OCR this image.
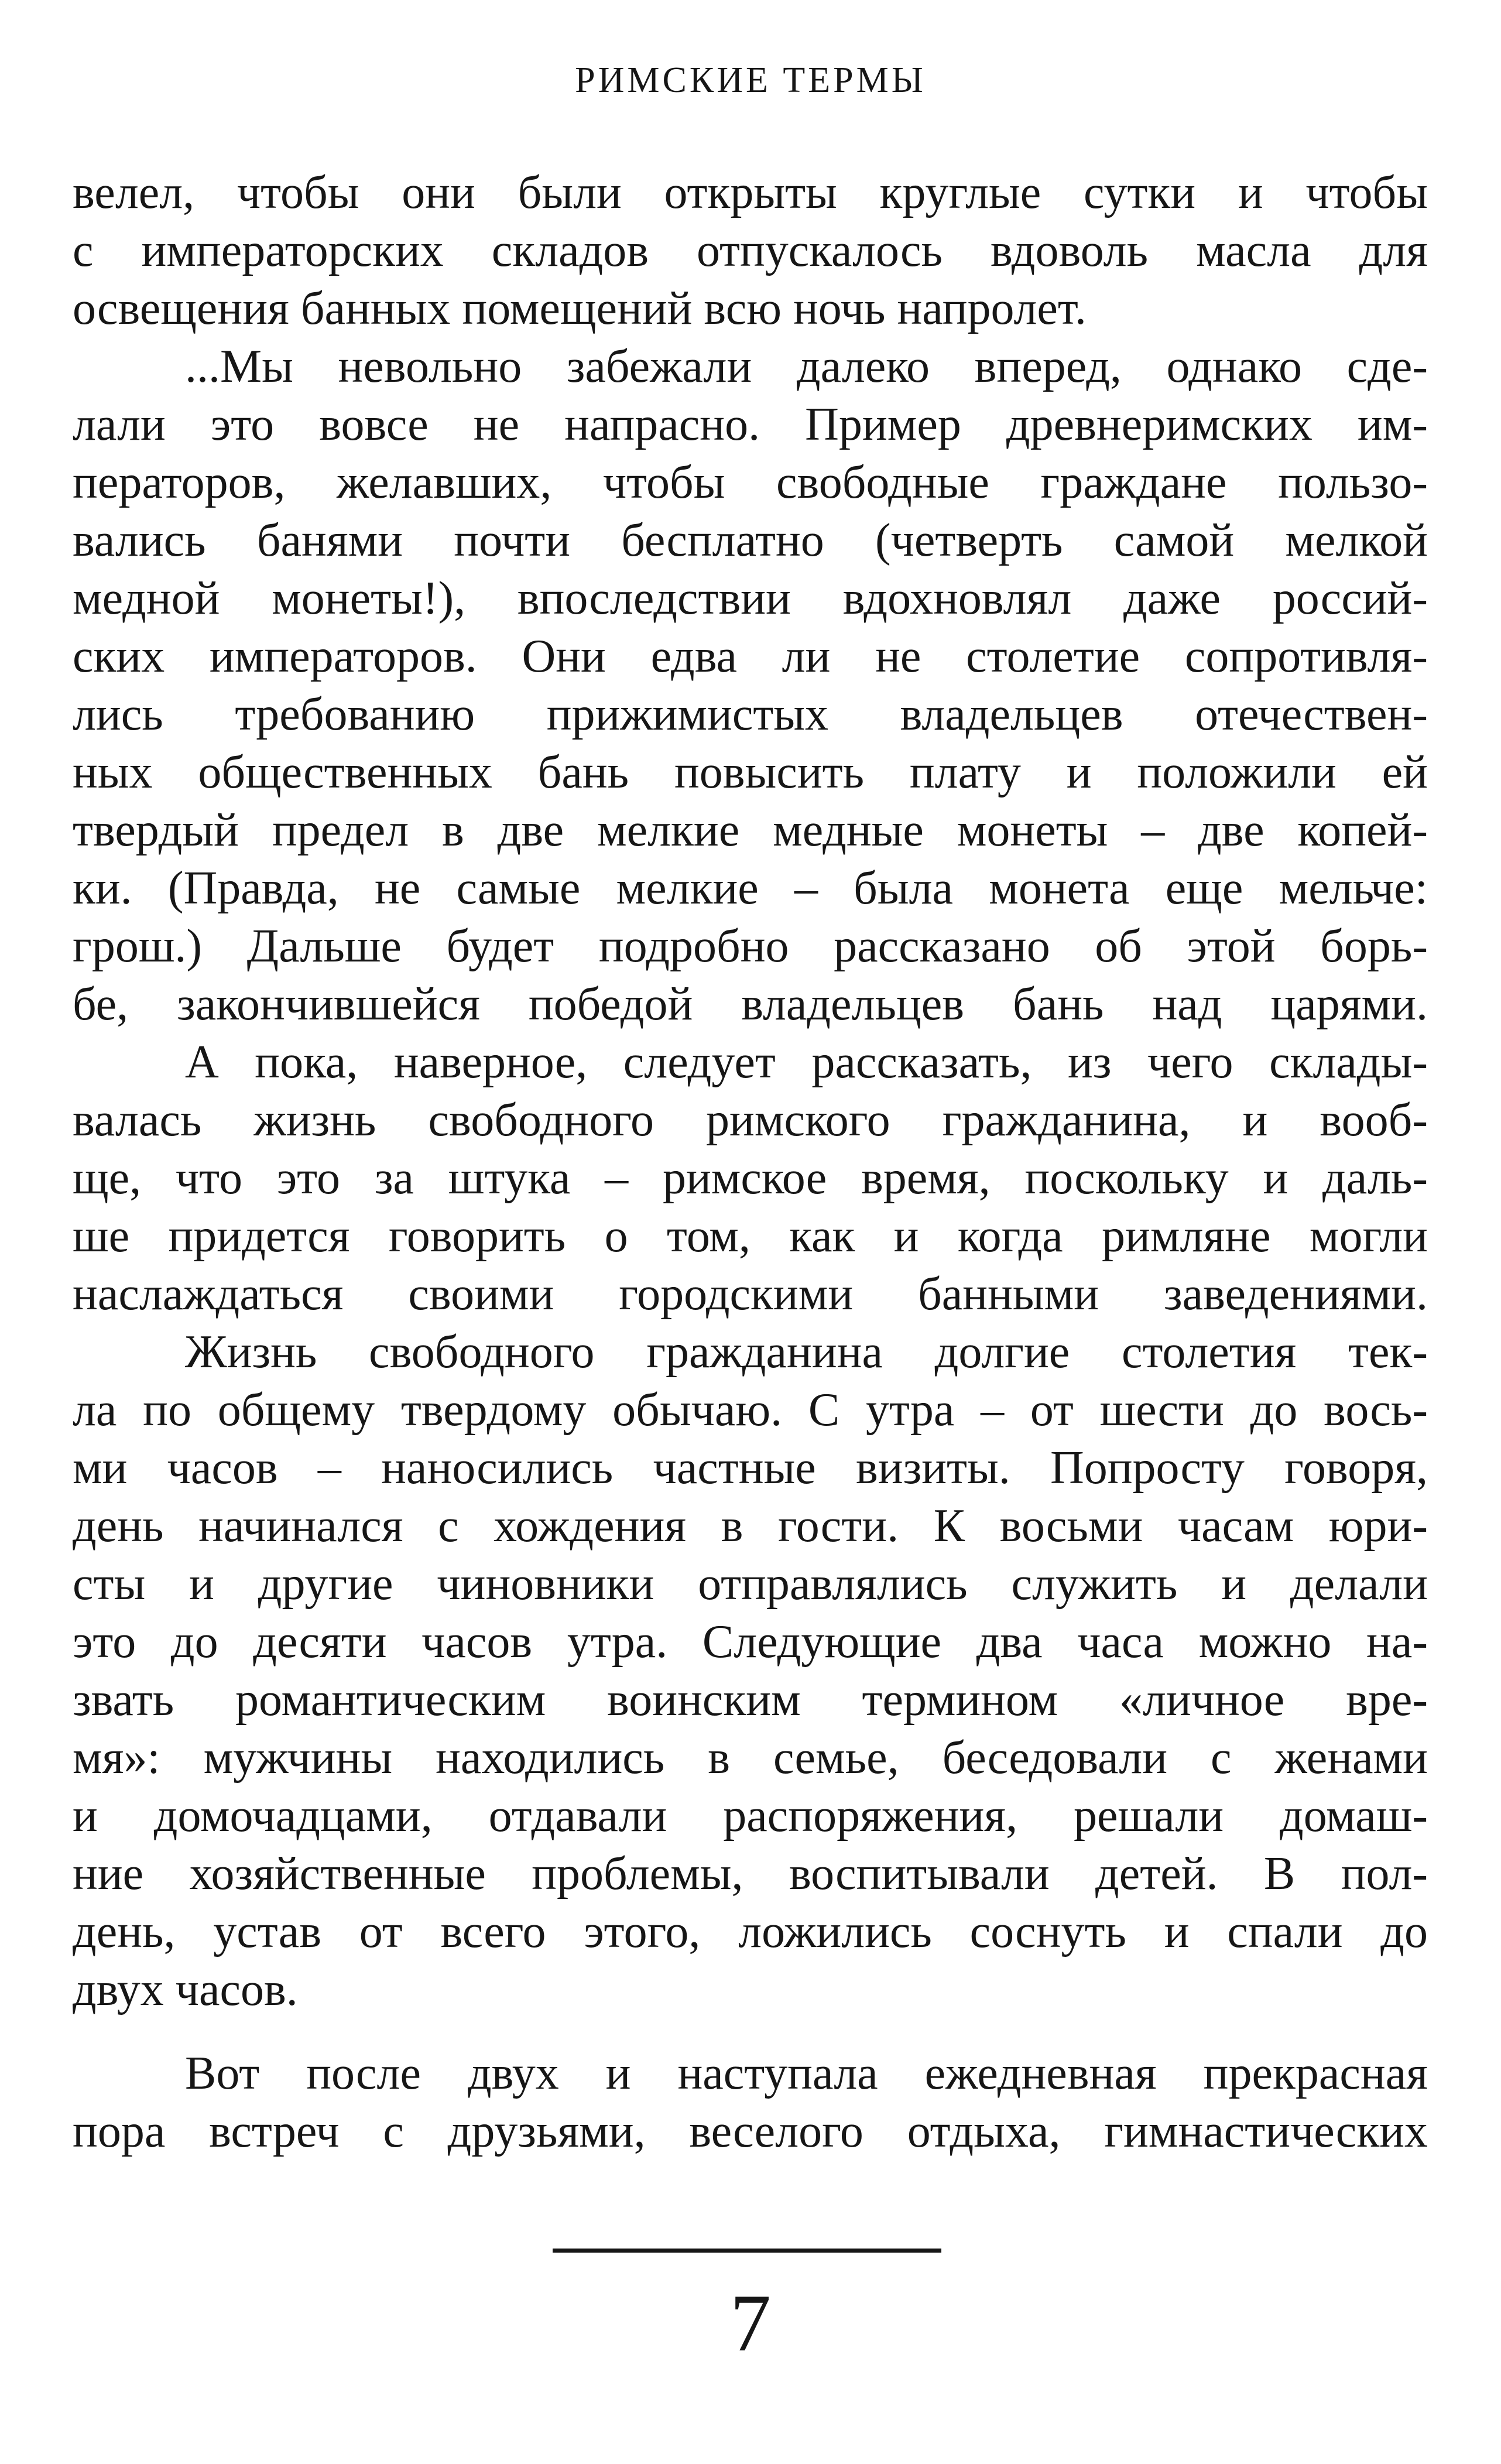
РИМСКИЕ ТЕРМЫ
велел, чтобы они были открыты круглые сутки и чтобы
с императорских складов отпускалось вдоволь масла для
освещения банных помещений всю ночь напролет.
...Мы невольно забежали далеко вперед, однако сде-
лали это вовсе не напрасно. Пример древнеримских им-
ператоров, желавших, чтобы свободные граждане пользо-
вались банями почти бесплатно (четверть самой мелкой
медной монеты!), впоследствии вдохновлял даже россий-
ских императоров. Они едва ли не столетие сопротивля-
лись требованию прижимистых владельцев отечествен-
ных общественных бань повысить плату и положили ей
твердый предел в две мелкие медные монеты – две копей-
ки. (Правда, не самые мелкие – была монета еще мельче:
грош.) Дальше будет подробно рассказано об этой борь-
бе, закончившейся победой владельцев бань над царями.
А пока, наверное, следует рассказать, из чего склады-
валась жизнь свободного римского гражданина, и вооб-
ще, что это за штука – римское время, поскольку и даль-
ше придется говорить о том, как и когда римляне могли
наслаждаться своими городскими банными заведениями.
Жизнь свободного гражданина долгие столетия тек-
ла по общему твердому обычаю. С утра – от шести до вось-
ми часов – наносились частные визиты. Попросту говоря,
день начинался с хождения в гости. К восьми часам юри-
сты и другие чиновники отправлялись служить и делали
это до десяти часов утра. Следующие два часа можно на-
звать романтическим воинским термином «личное вре-
мя»: мужчины находились в семье, беседовали с женами
и домочадцами, отдавали распоряжения, решали домаш-
ние хозяйственные проблемы, воспитывали детей. В пол-
день, устав от всего этого, ложились соснуть и спали до
двух часов.
Вот после двух и наступала ежедневная прекрасная
пора встреч с друзьями, веселого отдыха, гимнастических
7
